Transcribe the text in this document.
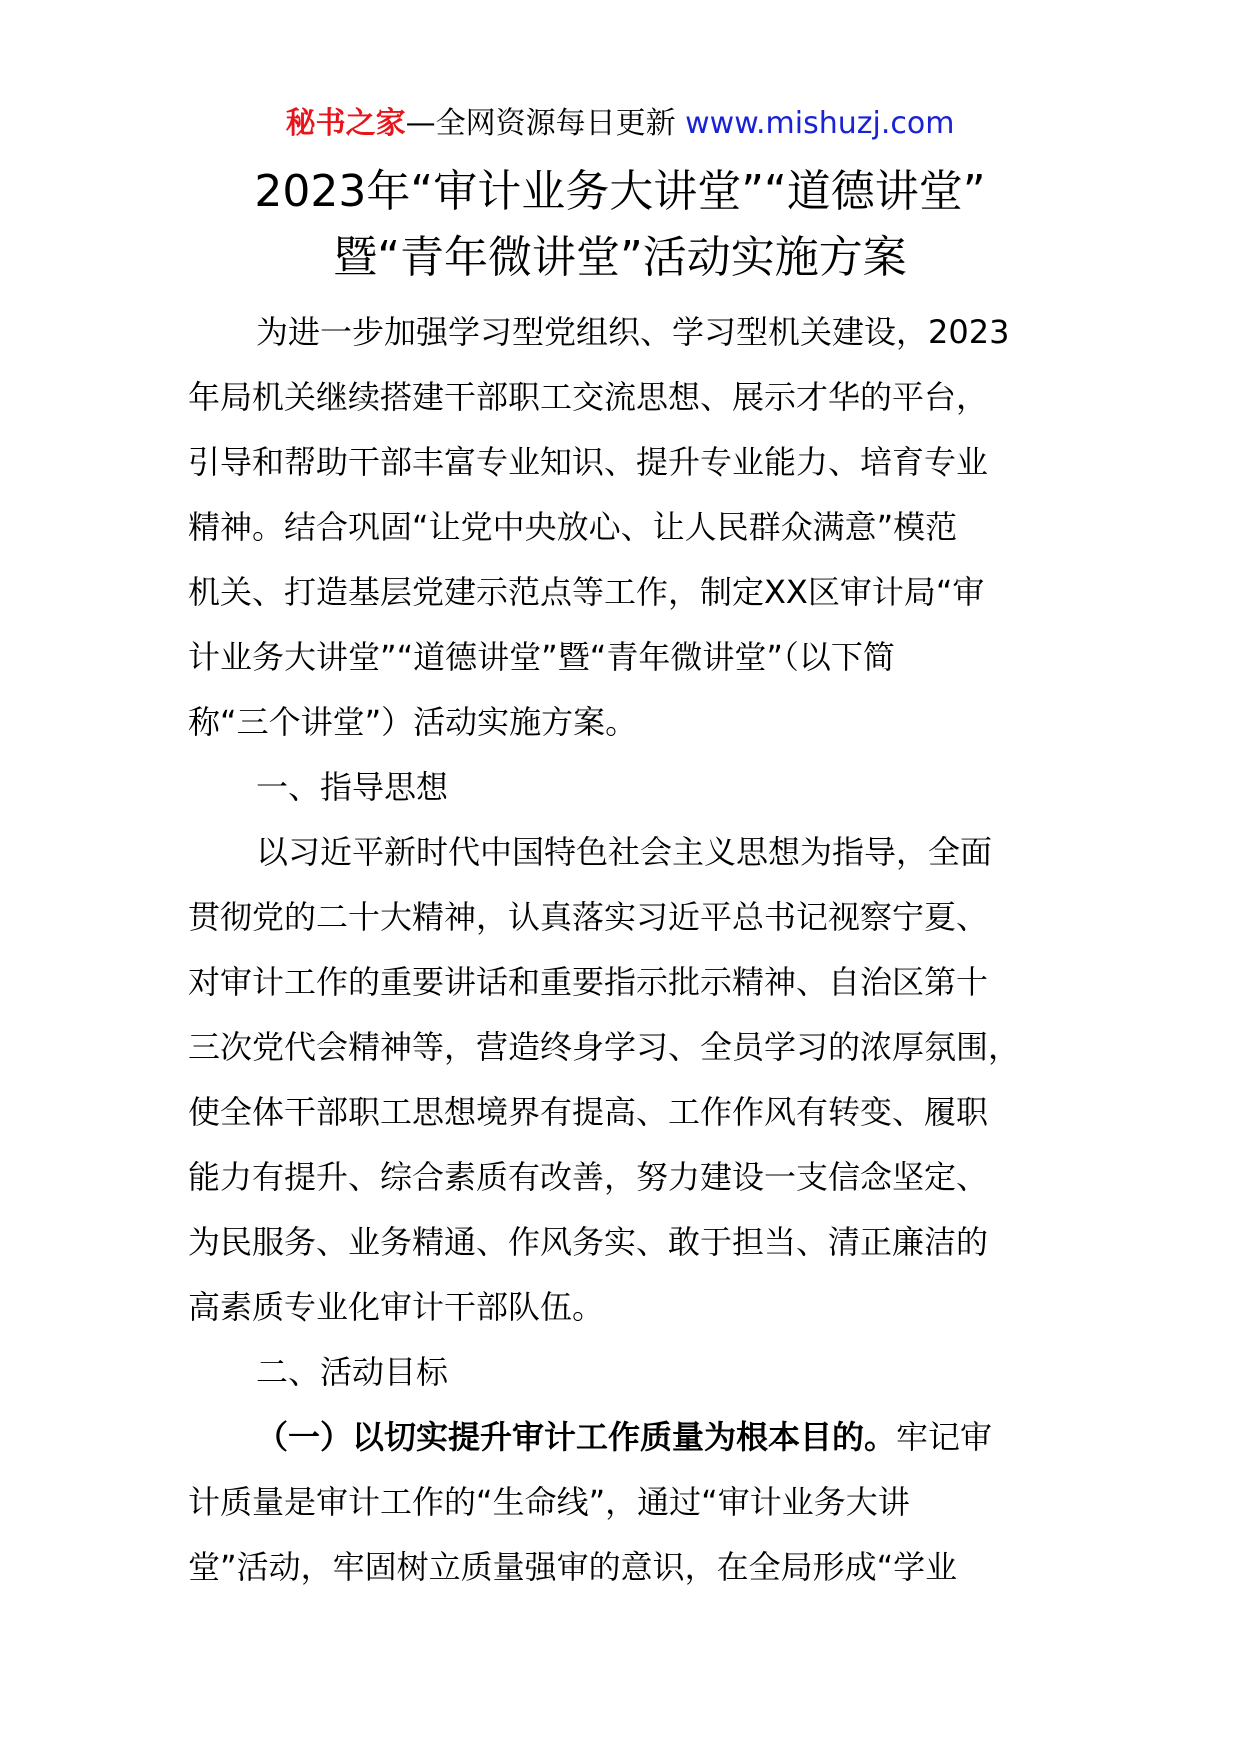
秘书之家—全网资源每日更新 www.mishuzj.com
2023年“审计业务大讲堂”“道德讲堂”
暨“青年微讲堂”活动实施方案
为进一步加强学习型党组织、学习型机关建设，2023
年局机关继续搭建干部职工交流思想、展示才华的平台，
引导和帮助干部丰富专业知识、提升专业能力、培育专业
精神。结合巩固“让党中央放心、让人民群众满意”模范
机关、打造基层党建示范点等工作，制定XX区审计局“审
计业务大讲堂”“道德讲堂”暨“青年微讲堂”（以下简
称“三个讲堂”）活动实施方案。
一、指导思想
以习近平新时代中国特色社会主义思想为指导，全面
贯彻党的二十大精神，认真落实习近平总书记视察宁夏、
对审计工作的重要讲话和重要指示批示精神、自治区第十
三次党代会精神等，营造终身学习、全员学习的浓厚氛围，
使全体干部职工思想境界有提高、工作作风有转变、履职
能力有提升、综合素质有改善，努力建设一支信念坚定、
为民服务、业务精通、作风务实、敢于担当、清正廉洁的
高素质专业化审计干部队伍。
二、活动目标
（一）以切实提升审计工作质量为根本目的。牢记审
计质量是审计工作的“生命线”，通过“审计业务大讲
堂”活动，牢固树立质量强审的意识，在全局形成“学业
